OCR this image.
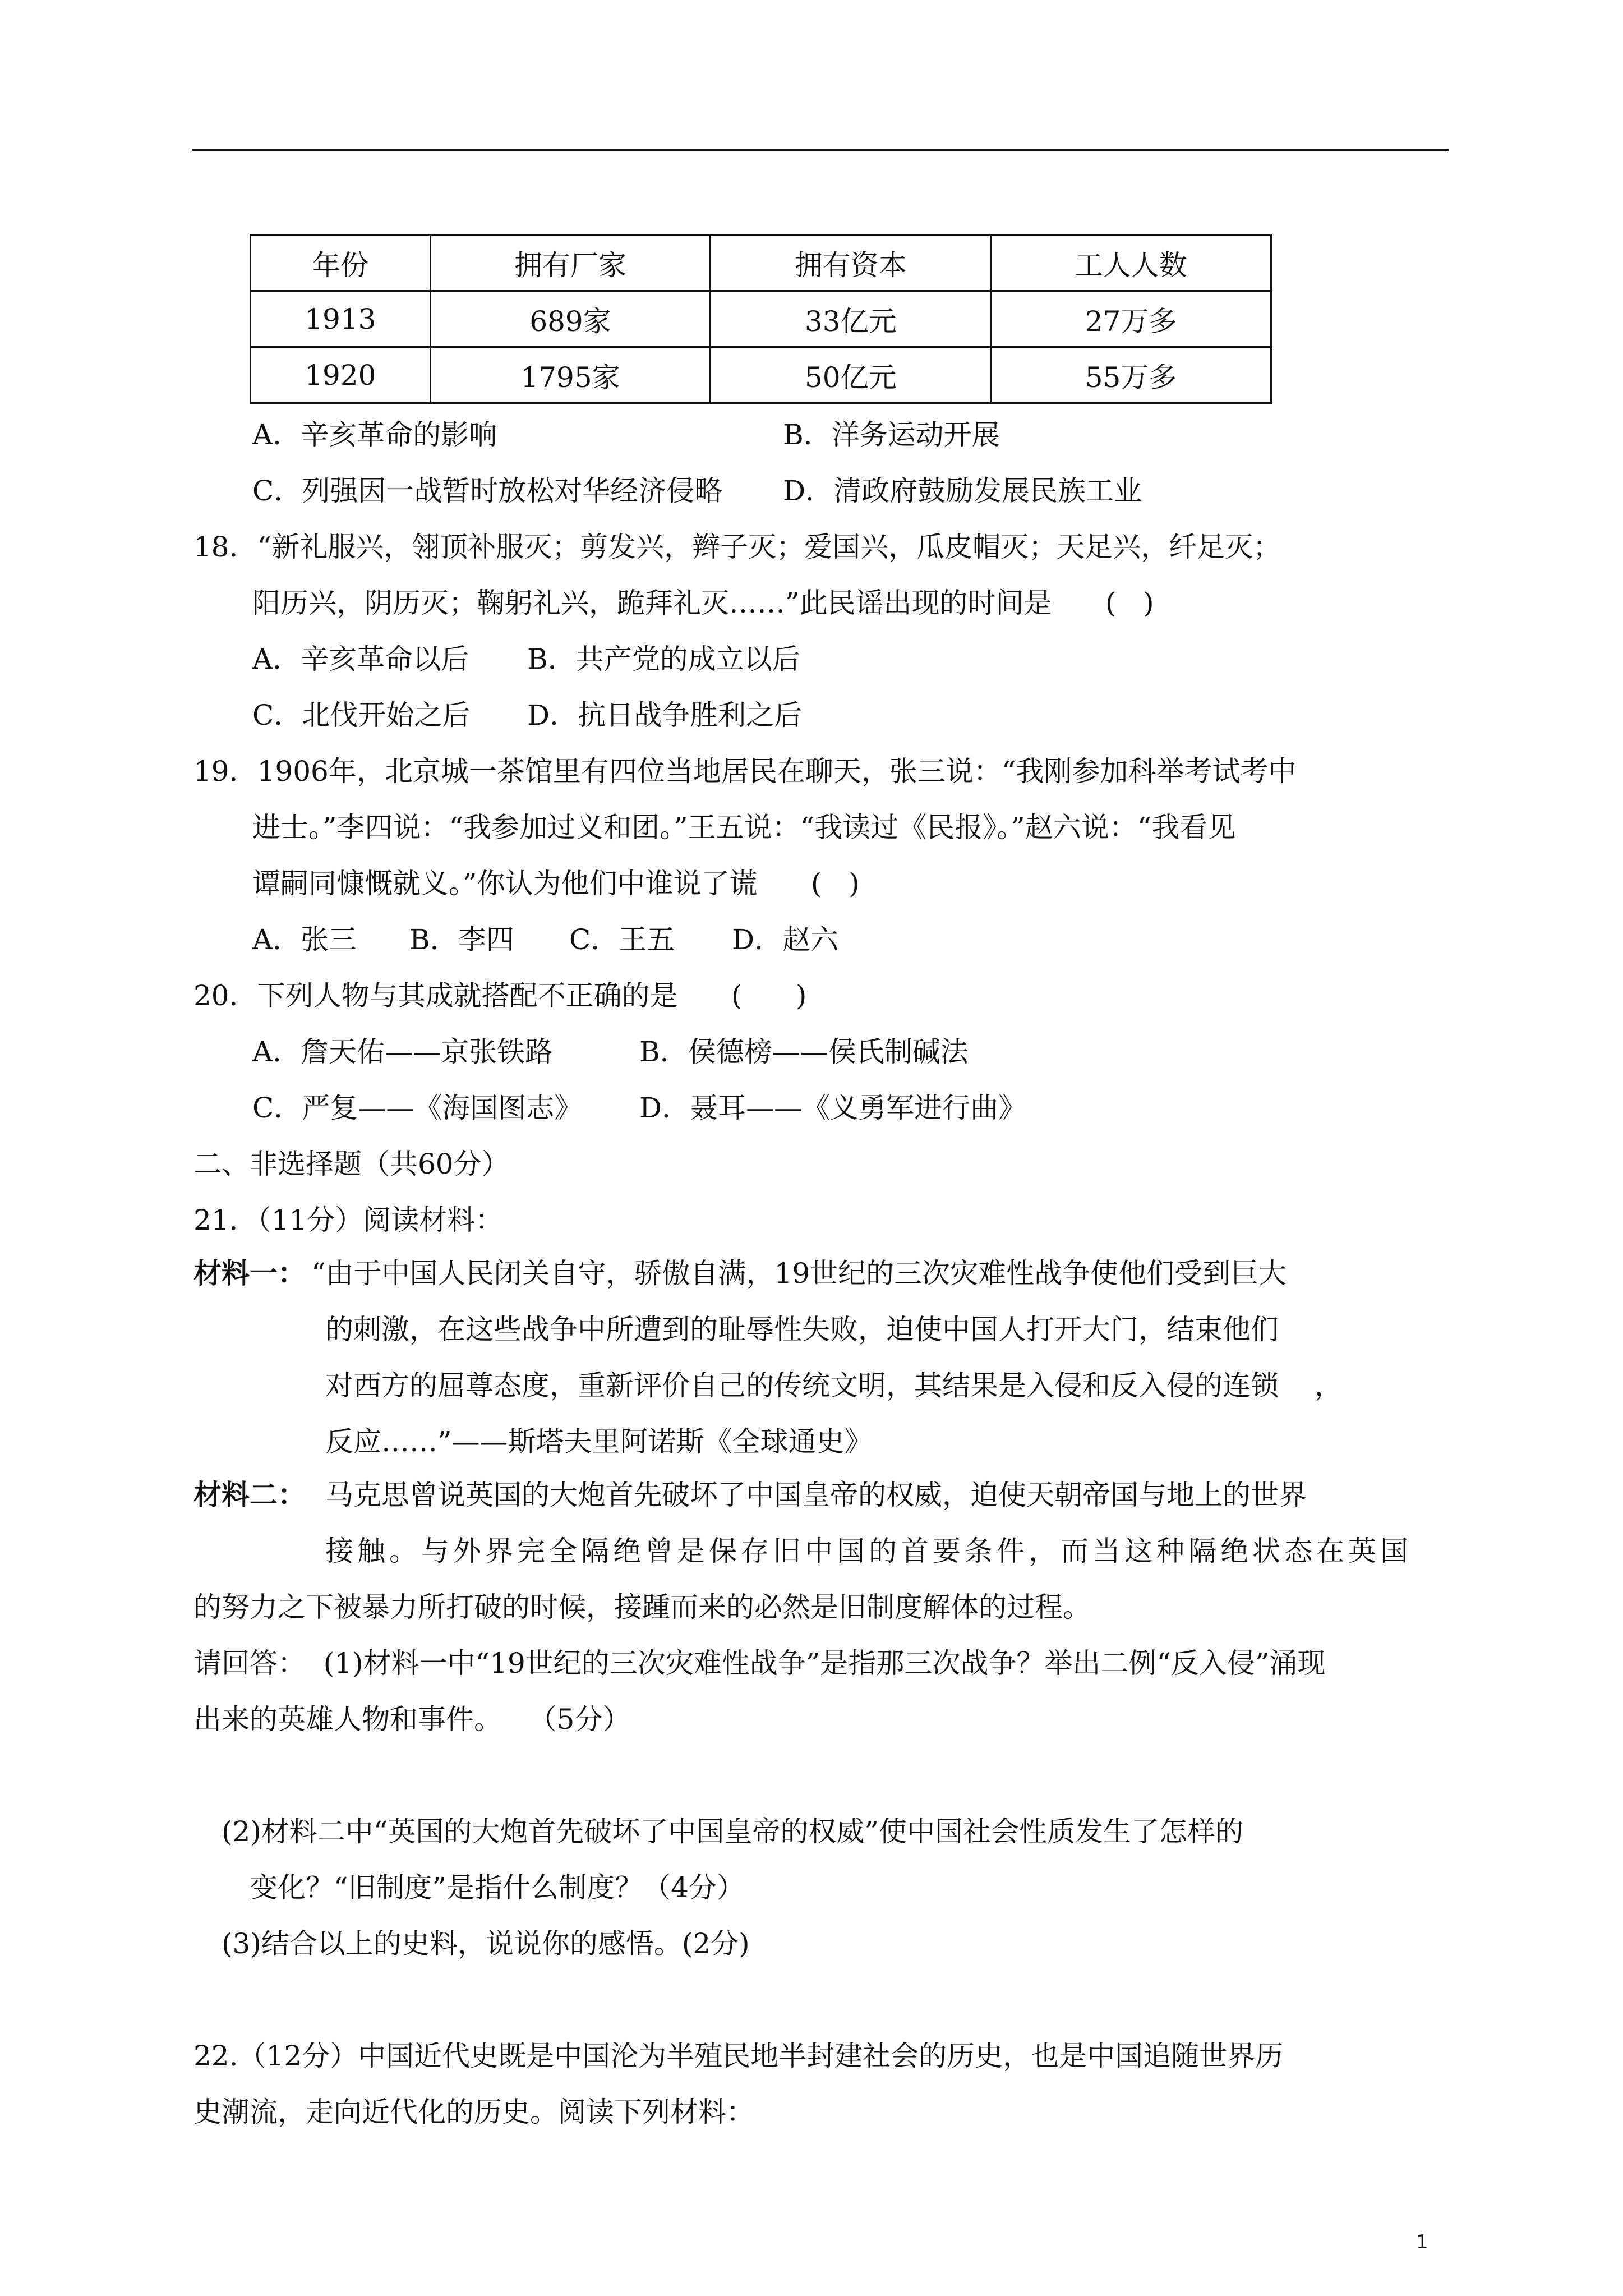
年份	拥有厂家	拥有资本	工人人数
1913	689家	33亿元	27万多
1920	1795家	50亿元	55万多
A．辛亥革命的影响	B．洋务运动开展
C．列强因一战暂时放松对华经济侵略 D．清政府鼓励发展民族工业
18．“新礼服兴，翎顶补服灭；剪发兴，辫子灭；爱国兴，瓜皮帽灭；天足兴，纤足灭；
阳历兴，阴历灭；鞠躬礼兴，跪拜礼灭……”此民谣出现的时间是      (   )
A．辛亥革命以后 B．共产党的成立以后
C．北伐开始之后 D．抗日战争胜利之后
19．1906年，北京城一茶馆里有四位当地居民在聊天，张三说：“我刚参加科举考试考中
进士。”李四说：“我参加过义和团。”王五说：“我读过《民报》。”赵六说：“我看见
谭嗣同慷慨就义。”你认为他们中谁说了谎      (   )
A．张三 B．李四 C．王五 D．赵六
20．下列人物与其成就搭配不正确的是      (      )
A．詹天佑——京张铁路	B．侯德榜——侯氏制碱法
C．严复——《海国图志》 D．聂耳——《义勇军进行曲》
二、非选择题（共60分）
21．（11分）阅读材料：
材料一： “由于中国人民闭关自守，骄傲自满，19世纪的三次灾难性战争使他们受到巨大
的刺激，在这些战争中所遭到的耻辱性失败，迫使中国人打开大门，结束他们
对西方的屈尊态度，重新评价自己的传统文明，其结果是入侵和反入侵的连锁    ，
反应……”——斯塔夫里阿诺斯《全球通史》
材料二： 马克思曾说英国的大炮首先破坏了中国皇帝的权威，迫使天朝帝国与地上的世界
接触。与外界完全隔绝曾是保存旧中国的首要条件，而当这种隔绝状态在英国
的努力之下被暴力所打破的时候，接踵而来的必然是旧制度解体的过程。
请回答：  (1)材料一中“19世纪的三次灾难性战争”是指那三次战争？举出二例“反入侵”涌现
出来的英雄人物和事件。   （5分）
(2)材料二中“英国的大炮首先破坏了中国皇帝的权威”使中国社会性质发生了怎样的
变化？“旧制度”是指什么制度？（4分）
(3)结合以上的史料，说说你的感悟。(2分)
22.（12分）中国近代史既是中国沦为半殖民地半封建社会的历史，也是中国追随世界历
史潮流，走向近代化的历史。阅读下列材料：
1
